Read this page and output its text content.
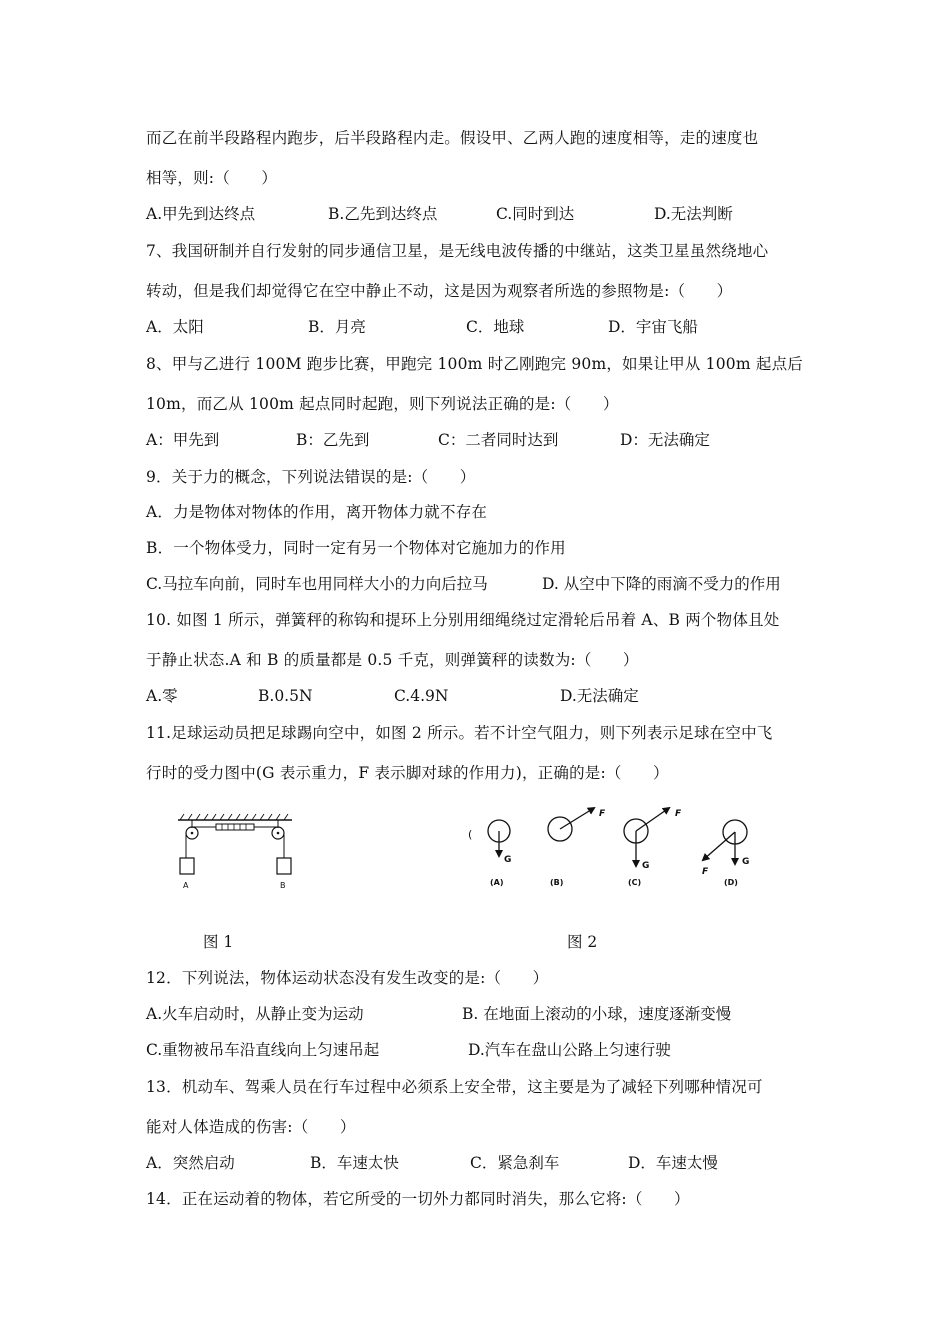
而乙在前半段路程内跑步，后半段路程内走。假设甲、乙两人跑的速度相等，走的速度也
相等，则:（　　）
A.甲先到达终点	B.乙先到达终点	C.同时到达	D.无法判断
7、我国研制并自行发射的同步通信卫星，是无线电波传播的中继站，这类卫星虽然绕地心
转动，但是我们却觉得它在空中静止不动，这是因为观察者所选的参照物是:（　　）
A．太阳	B．月亮	C．地球	D．宇宙飞船
8、甲与乙进行 100M 跑步比赛，甲跑完 100m 时乙刚跑完 90m，如果让甲从 100m 起点后
10m，而乙从 100m 起点同时起跑，则下列说法正确的是:（　　）
A：甲先到	B：乙先到	C：二者同时达到	D：无法确定
9．关于力的概念，下列说法错误的是:（　　）
A．力是物体对物体的作用，离开物体力就不存在
B．一个物体受力，同时一定有另一个物体对它施加力的作用
C.马拉车向前，同时车也用同样大小的力向后拉马	D. 从空中下降的雨滴不受力的作用
10. 如图 1 所示，弹簧秤的称钩和提环上分别用细绳绕过定滑轮后吊着 A、B 两个物体且处
于静止状态.A 和 B 的质量都是 0.5 千克，则弹簧秤的读数为:（　　）
A.零	B.0.5N	C.4.9N	D.无法确定
11.足球运动员把足球踢向空中，如图 2 所示。若不计空气阻力，则下列表示足球在空中飞
行时的受力图中(G 表示重力，F 表示脚对球的作用力)，正确的是:（　　）
A	B
(
G
(A)
F
(B)
F
G
(C)
F
G
(D)
图 1	图 2
12．下列说法，物体运动状态没有发生改变的是:（　　）
A.火车启动时，从静止变为运动	B. 在地面上滚动的小球，速度逐渐变慢
C.重物被吊车沿直线向上匀速吊起	D.汽车在盘山公路上匀速行驶
13．机动车、驾乘人员在行车过程中必须系上安全带，这主要是为了减轻下列哪种情况可
能对人体造成的伤害:（　　）
A．突然启动	B．车速太快	C．紧急刹车	D．车速太慢
14．正在运动着的物体，若它所受的一切外力都同时消失，那么它将:（　　）
